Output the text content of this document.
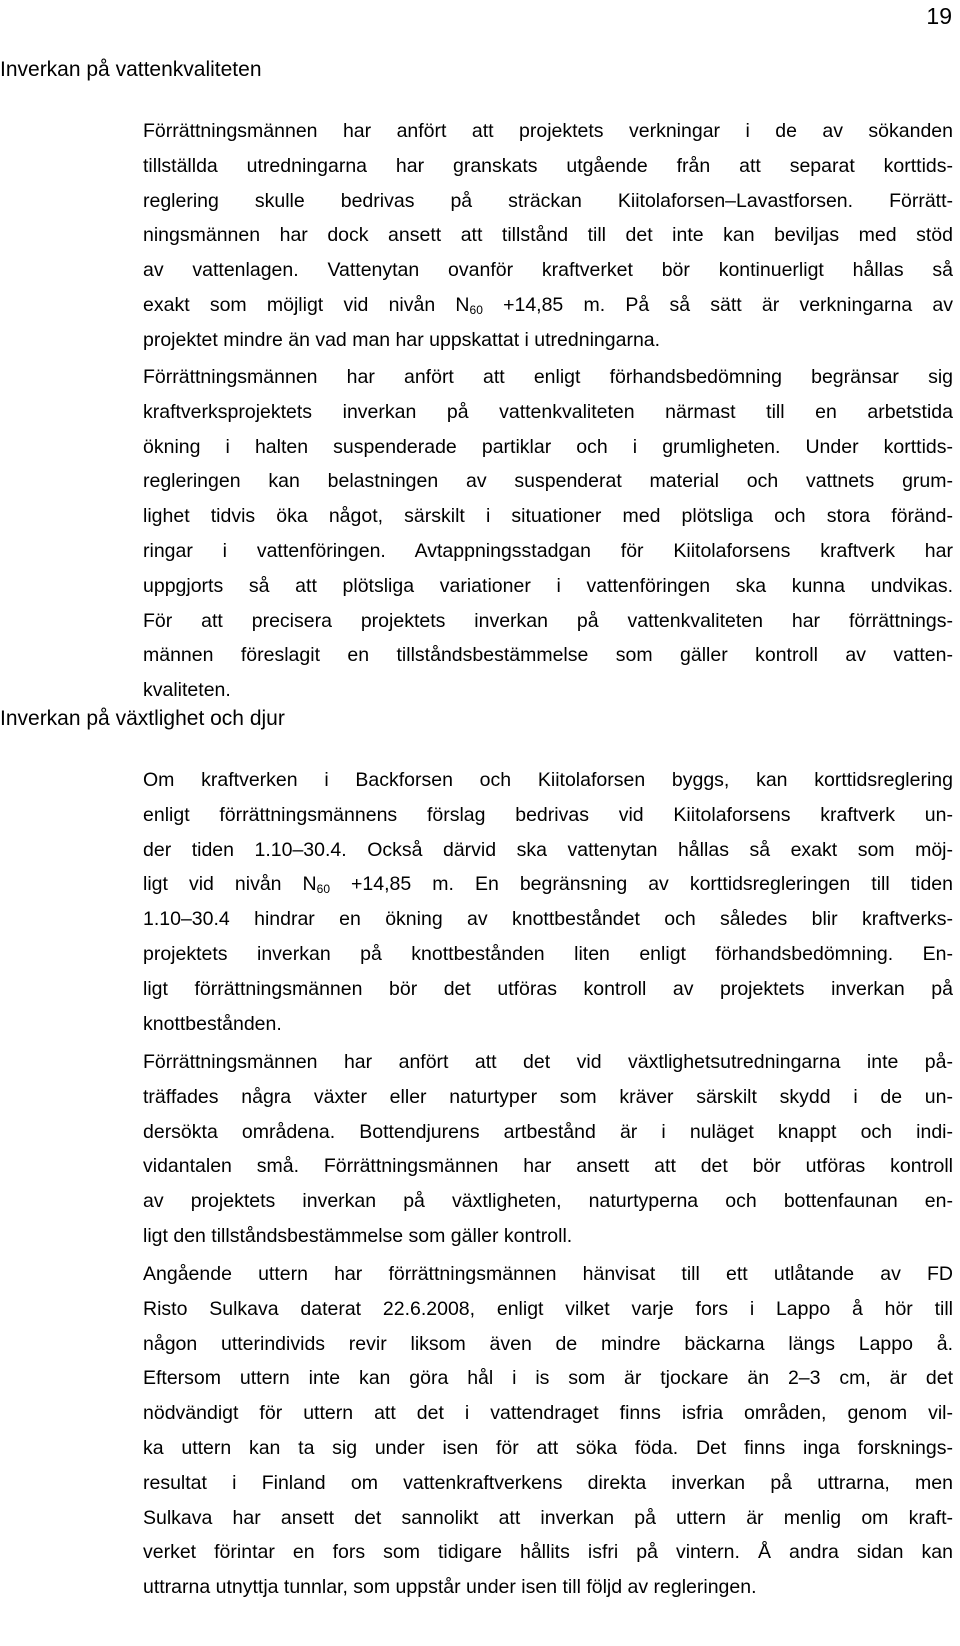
19
Inverkan på vattenkvaliteten

Förrättningsmännen har anfört att projektets verkningar i de av sökanden
tillställda utredningarna har granskats utgående från att separat korttids-
reglering skulle bedrivas på sträckan Kiitolaforsen–Lavastforsen. Förrätt-
ningsmännen har dock ansett att tillstånd till det inte kan beviljas med stöd
av vattenlagen. Vattenytan ovanför kraftverket bör kontinuerligt hållas så
exakt som möjligt vid nivån $N_{60} +14,85$ m. På så sätt är verkningarna av
projektet mindre än vad man har uppskattat i utredningarna.

Förrättningsmännen har anfört att enligt förhandsbedömning begränsar sig
kraftverksprojektets inverkan på vattenkvaliteten närmast till en arbetstida
ökning i halten suspenderade partiklar och i grumligheten. Under korttids-
regleringen kan belastningen av suspenderat material och vattnets grum-
lighet tidvis öka något, särskilt i situationer med plötsliga och stora föränd-
ringar i vattenföringen. Avtappningsstadgan för Kiitolaforsens kraftverk har
uppgjorts så att plötsliga variationer i vattenföringen ska kunna undvikas.
För att precisera projektets inverkan på vattenkvaliteten har förrättnings-
männen föreslagit en tillståndsbestämmelse som gäller kontroll av vatten-
kvaliteten.

Inverkan på växtlighet och djur

Om kraftverken i Backforsen och Kiitolaforsen byggs, kan korttidsreglering
enligt förrättningsmännens förslag bedrivas vid Kiitolaforsens kraftverk un-
der tiden 1.10–30.4. Också därvid ska vattenytan hållas så exakt som möj-
ligt vid nivån $N_{60} +14,85$ m. En begränsning av korttidsregleringen till tiden
1.10–30.4 hindrar en ökning av knottbeståndet och således blir kraftverks-
projektets inverkan på knottbestånden liten enligt förhandsbedömning. En-
ligt förrättningsmännen bör det utföras kontroll av projektets inverkan på
knottbestånden.

Förrättningsmännen har anfört att det vid växtlighetsutredningarna inte på-
träffades några växter eller naturtyper som kräver särskilt skydd i de un-
dersökta områdena. Bottendjurens artbestånd är i nuläget knappt och indi-
vidantalen små. Förrättningsmännen har ansett att det bör utföras kontroll
av projektets inverkan på växtligheten, naturtyperna och bottenfaunan en-
ligt den tillståndsbestämmelse som gäller kontroll.

Angående uttern har förrättningsmännen hänvisat till ett utlåtande av FD
Risto Sulkava daterat 22.6.2008, enligt vilket varje fors i Lappo å hör till
någon utterindivids revir liksom även de mindre bäckarna längs Lappo å.
Eftersom uttern inte kan göra hål i is som är tjockare än 2–3 cm, är det
nödvändigt för uttern att det i vattendraget finns isfria områden, genom vil-
ka uttern kan ta sig under isen för att söka föda. Det finns inga forsknings-
resultat i Finland om vattenkraftverkens direkta inverkan på uttrarna, men
Sulkava har ansett det sannolikt att inverkan på uttern är menlig om kraft-
verket förintar en fors som tidigare hållits isfri på vintern. Å andra sidan kan
uttrarna utnyttja tunnlar, som uppstår under isen till följd av regleringen.
